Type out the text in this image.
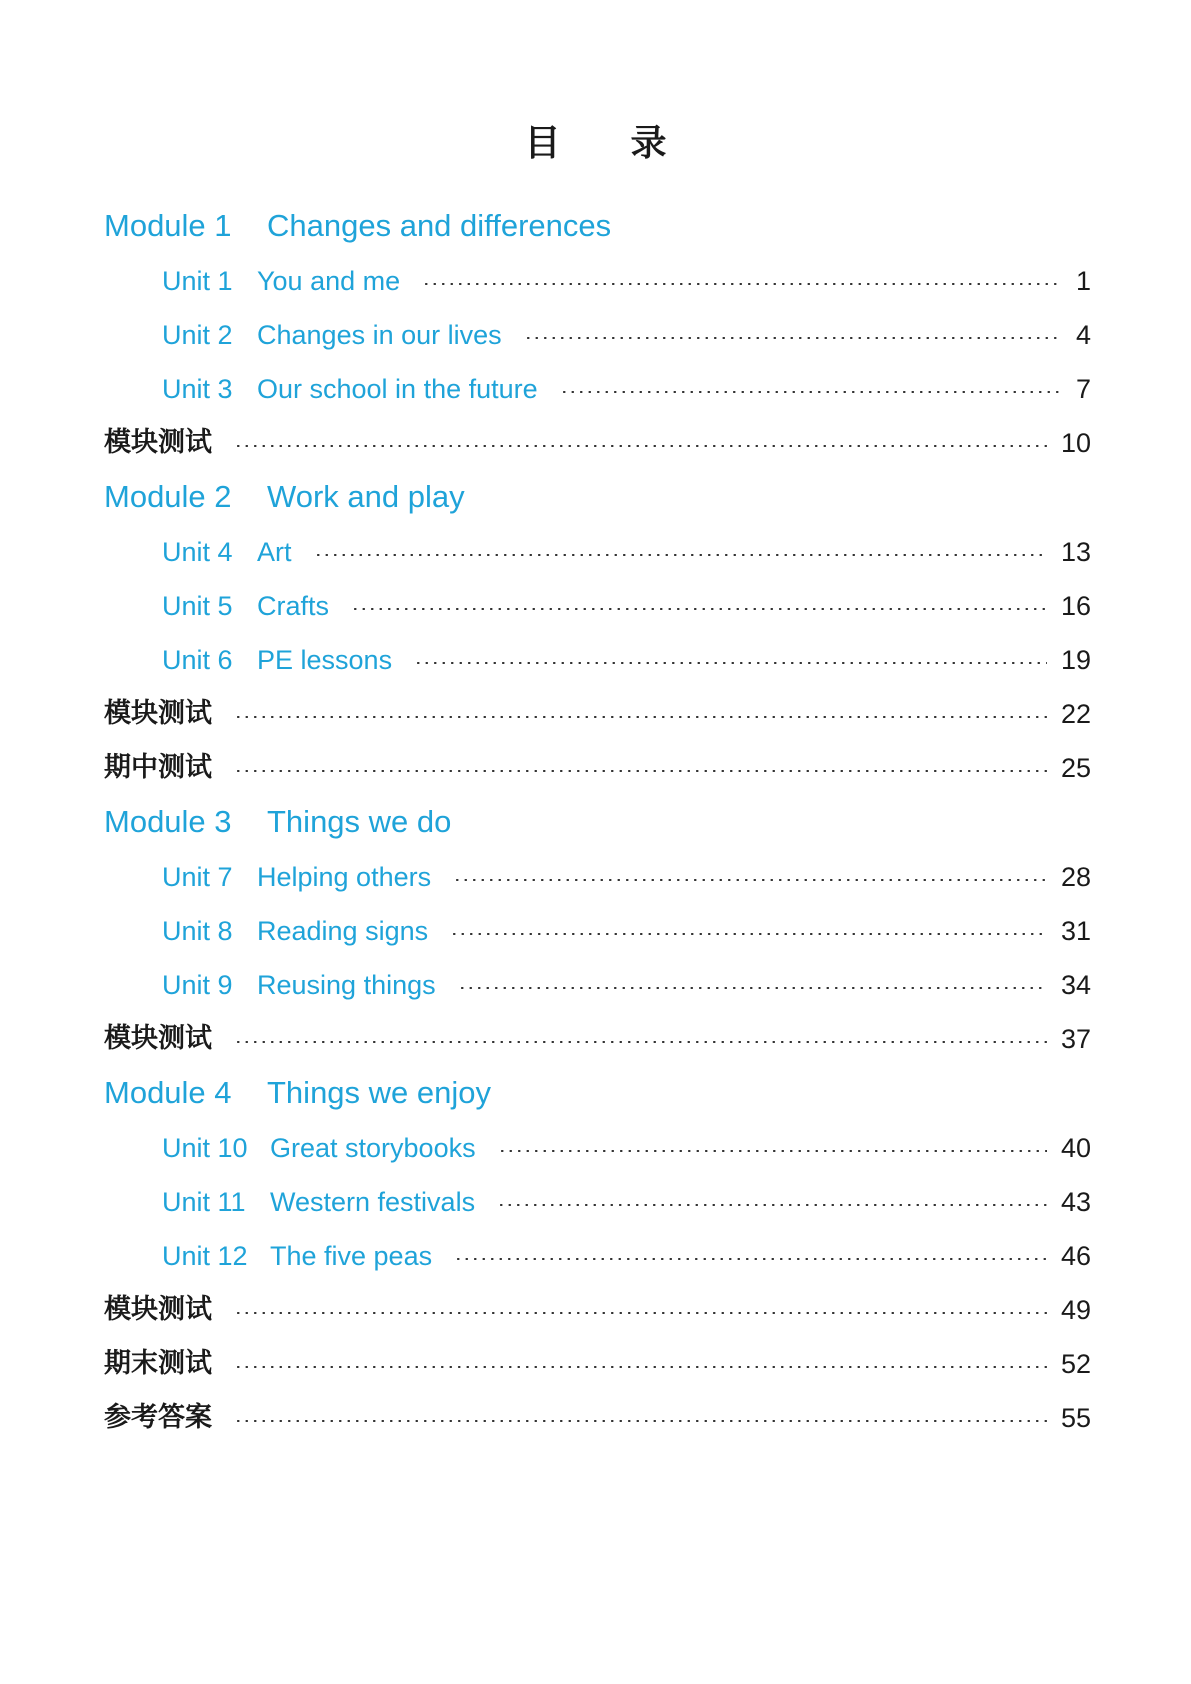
目 录
Module 1 Changes and differences
Unit 1 You and me	1
Unit 2 Changes in our lives	4
Unit 3 Our school in the future	7
模块测试	10
Module 2 Work and play
Unit 4 Art	13
Unit 5 Crafts	16
Unit 6 PE lessons	19
模块测试	22
期中测试	25
Module 3 Things we do
Unit 7 Helping others	28
Unit 8 Reading signs	31
Unit 9 Reusing things	34
模块测试	37
Module 4 Things we enjoy
Unit 10 Great storybooks	40
Unit 11 Western festivals	43
Unit 12 The five peas	46
模块测试	49
期末测试	52
参考答案	55
